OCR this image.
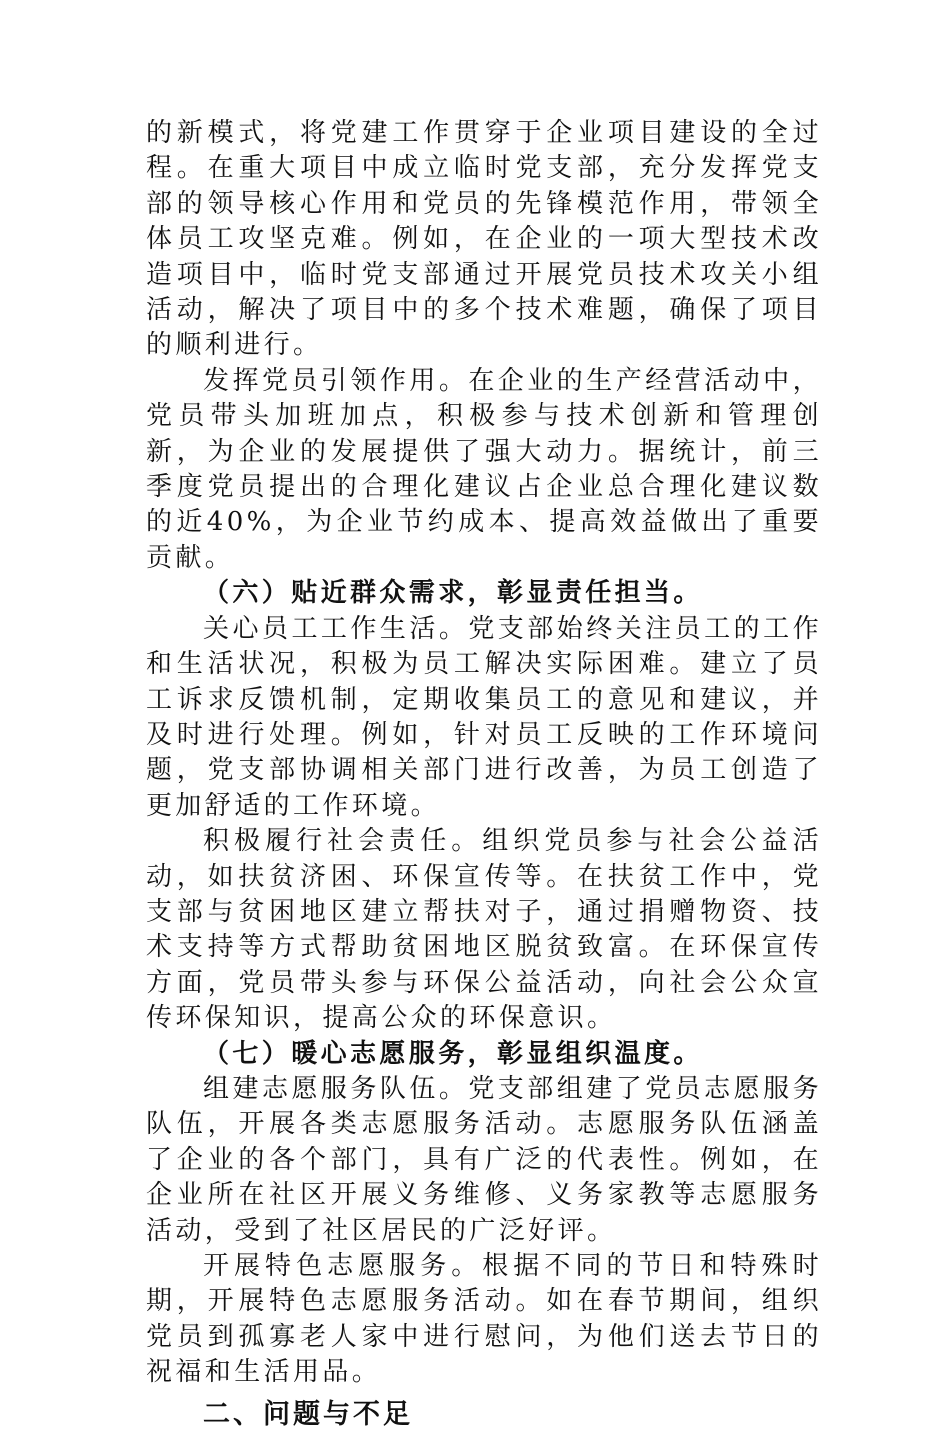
的新模式，将党建工作贯穿于企业项目建设的全过程。在重大项目中成立临时党支部，充分发挥党支部的领导核心作用和党员的先锋模范作用，带领全体员工攻坚克难。例如，在企业的一项大型技术改造项目中，临时党支部通过开展党员技术攻关小组活动，解决了项目中的多个技术难题，确保了项目的顺利进行。

发挥党员引领作用。在企业的生产经营活动中，党员带头加班加点，积极参与技术创新和管理创新，为企业的发展提供了强大动力。据统计，前三季度党员提出的合理化建议占企业总合理化建议数的近40%，为企业节约成本、提高效益做出了重要贡献。

（六）贴近群众需求，彰显责任担当。

关心员工工作生活。党支部始终关注员工的工作和生活状况，积极为员工解决实际困难。建立了员工诉求反馈机制，定期收集员工的意见和建议，并及时进行处理。例如，针对员工反映的工作环境问题，党支部协调相关部门进行改善，为员工创造了更加舒适的工作环境。

积极履行社会责任。组织党员参与社会公益活动，如扶贫济困、环保宣传等。在扶贫工作中，党支部与贫困地区建立帮扶对子，通过捐赠物资、技术支持等方式帮助贫困地区脱贫致富。在环保宣传方面，党员带头参与环保公益活动，向社会公众宣传环保知识，提高公众的环保意识。

（七）暖心志愿服务，彰显组织温度。

组建志愿服务队伍。党支部组建了党员志愿服务队伍，开展各类志愿服务活动。志愿服务队伍涵盖了企业的各个部门，具有广泛的代表性。例如，在企业所在社区开展义务维修、义务家教等志愿服务活动，受到了社区居民的广泛好评。

开展特色志愿服务。根据不同的节日和特殊时期，开展特色志愿服务活动。如在春节期间，组织党员到孤寡老人家中进行慰问，为他们送去节日的祝福和生活用品。

二、问题与不足
